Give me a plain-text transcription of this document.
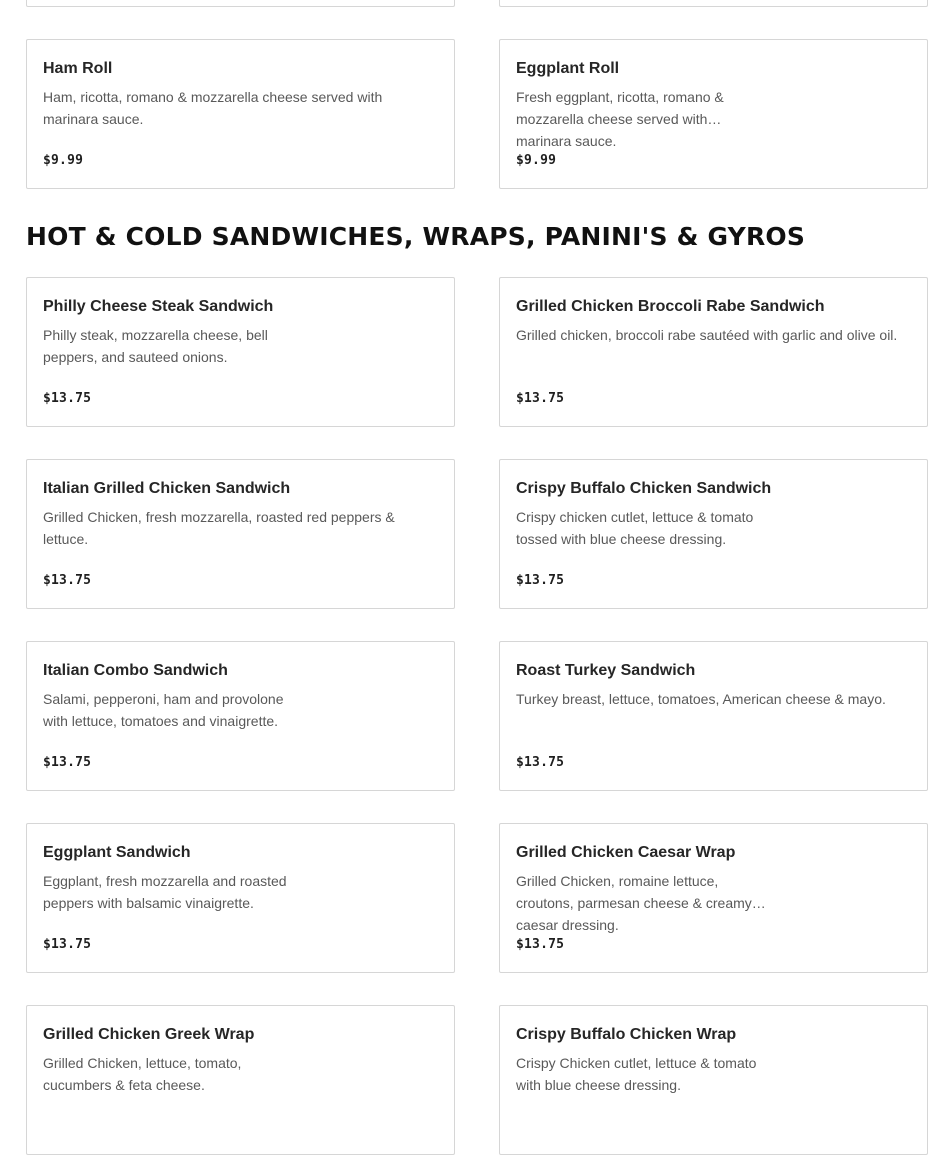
Ham Roll
Ham, ricotta, romano & mozzarella cheese served with marinara sauce.
$9.99
Eggplant Roll
Fresh eggplant, ricotta, romano & mozzarella cheese served with marinara sauce.
$9.99
HOT & COLD SANDWICHES, WRAPS, PANINI'S & GYROS
Philly Cheese Steak Sandwich
Philly steak, mozzarella cheese, bell peppers, and sauteed onions.
$13.75
Grilled Chicken Broccoli Rabe Sandwich
Grilled chicken, broccoli rabe sautéed with garlic and olive oil.
$13.75
Italian Grilled Chicken Sandwich
Grilled Chicken, fresh mozzarella, roasted red peppers & lettuce.
$13.75
Crispy Buffalo Chicken Sandwich
Crispy chicken cutlet, lettuce & tomato tossed with blue cheese dressing.
$13.75
Italian Combo Sandwich
Salami, pepperoni, ham and provolone with lettuce, tomatoes and vinaigrette.
$13.75
Roast Turkey Sandwich
Turkey breast, lettuce, tomatoes, American cheese & mayo.
$13.75
Eggplant Sandwich
Eggplant, fresh mozzarella and roasted peppers with balsamic vinaigrette.
$13.75
Grilled Chicken Caesar Wrap
Grilled Chicken, romaine lettuce, croutons, parmesan cheese & creamy caesar dressing.
$13.75
Grilled Chicken Greek Wrap
Grilled Chicken, lettuce, tomato, cucumbers & feta cheese.
Crispy Buffalo Chicken Wrap
Crispy Chicken cutlet, lettuce & tomato with blue cheese dressing.
